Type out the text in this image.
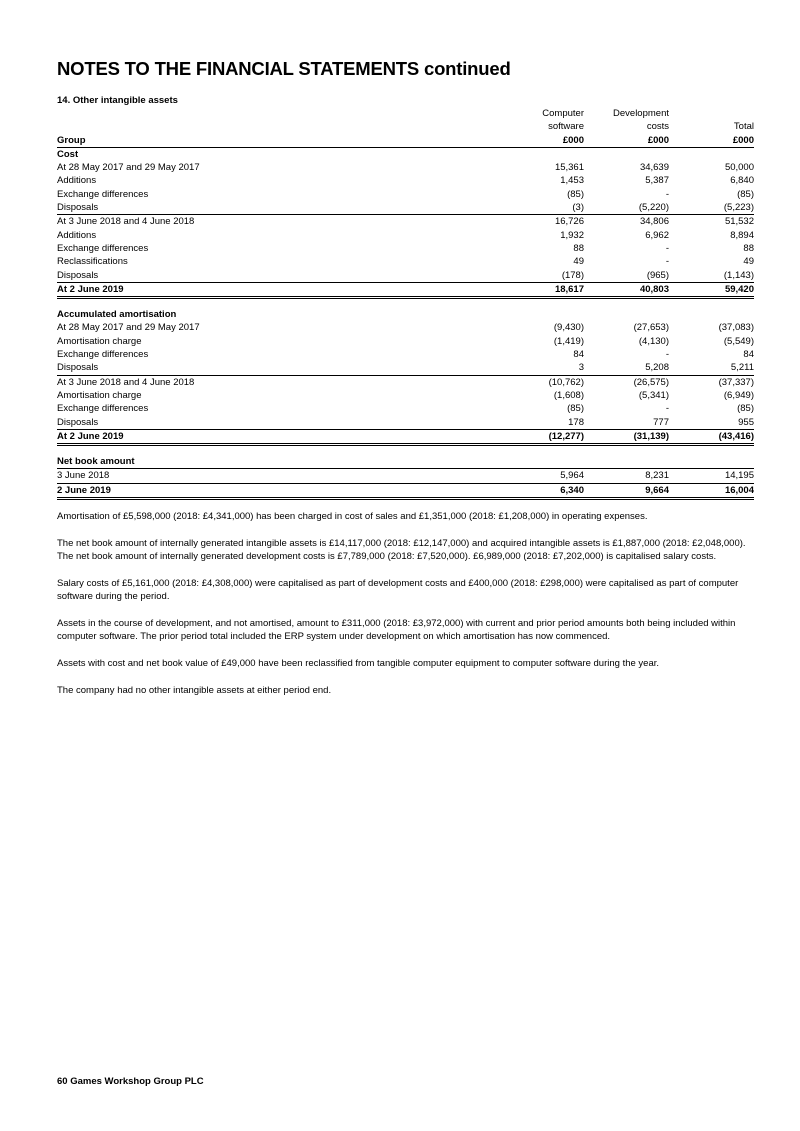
NOTES TO THE FINANCIAL STATEMENTS continued
14. Other intangible assets
	Computer	Development	
	software	costs	Total
Group	£000	£000	£000
Cost			
At 28 May 2017 and 29 May 2017	15,361	34,639	50,000
Additions	1,453	5,387	6,840
Exchange differences	(85)	-	(85)
Disposals	(3)	(5,220)	(5,223)
At 3 June 2018 and 4 June 2018	16,726	34,806	51,532
Additions	1,932	6,962	8,894
Exchange differences	88	-	88
Reclassifications	49	-	49
Disposals	(178)	(965)	(1,143)
At 2 June 2019	18,617	40,803	59,420

Accumulated amortisation			
At 28 May 2017 and 29 May 2017	(9,430)	(27,653)	(37,083)
Amortisation charge	(1,419)	(4,130)	(5,549)
Exchange differences	84	-	84
Disposals	3	5,208	5,211
At 3 June 2018 and 4 June 2018	(10,762)	(26,575)	(37,337)
Amortisation charge	(1,608)	(5,341)	(6,949)
Exchange differences	(85)	-	(85)
Disposals	178	777	955
At 2 June 2019	(12,277)	(31,139)	(43,416)

Net book amount			
3 June 2018	5,964	8,231	14,195
2 June 2019	6,340	9,664	16,004

Amortisation of £5,598,000 (2018: £4,341,000) has been charged in cost of sales and £1,351,000 (2018: £1,208,000) in operating expenses.

The net book amount of internally generated intangible assets is £14,117,000 (2018: £12,147,000) and acquired intangible assets is £1,887,000 (2018: £2,048,000). The net book amount of internally generated development costs is £7,789,000 (2018: £7,520,000). £6,989,000 (2018: £7,202,000) is capitalised salary costs.

Salary costs of £5,161,000 (2018: £4,308,000) were capitalised as part of development costs and £400,000 (2018: £298,000) were capitalised as part of computer software during the period.

Assets in the course of development, and not amortised, amount to £311,000 (2018: £3,972,000) with current and prior period amounts both being included within computer software. The prior period total included the ERP system under development on which amortisation has now commenced.

Assets with cost and net book value of £49,000 have been reclassified from tangible computer equipment to computer software during the year.

The company had no other intangible assets at either period end.

60 Games Workshop Group PLC
